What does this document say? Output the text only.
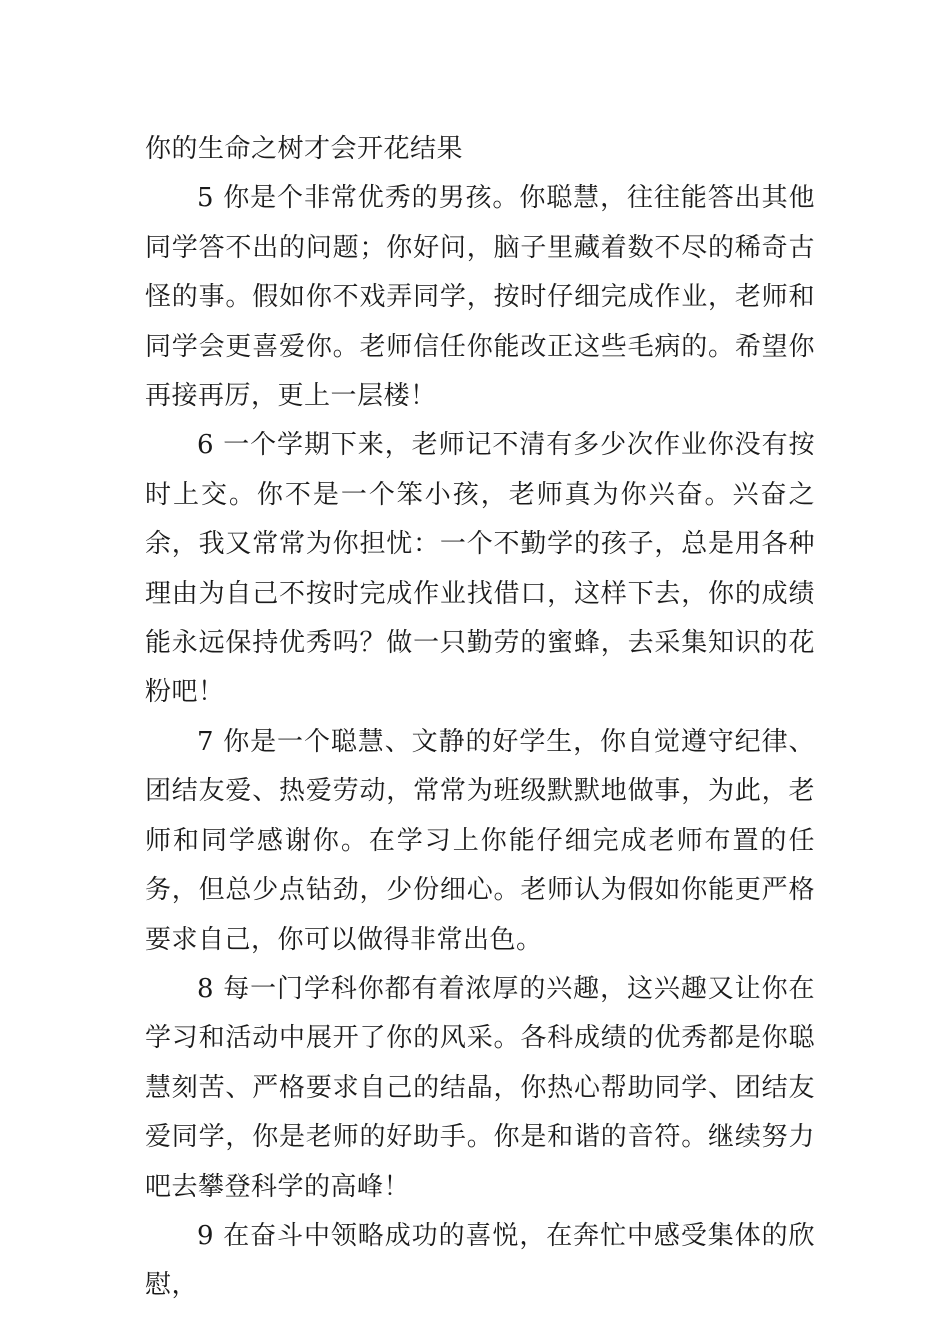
你的生命之树才会开花结果

5 你是个非常优秀的男孩。你聪慧，往往能答出其他同学答不出的问题；你好问，脑子里藏着数不尽的稀奇古怪的事。假如你不戏弄同学，按时仔细完成作业，老师和同学会更喜爱你。老师信任你能改正这些毛病的。希望你再接再厉，更上一层楼！

6 一个学期下来，老师记不清有多少次作业你没有按时上交。你不是一个笨小孩，老师真为你兴奋。兴奋之余，我又常常为你担忧：一个不勤学的孩子，总是用各种理由为自己不按时完成作业找借口，这样下去，你的成绩能永远保持优秀吗？做一只勤劳的蜜蜂，去采集知识的花粉吧！

7 你是一个聪慧、文静的好学生，你自觉遵守纪律、团结友爱、热爱劳动，常常为班级默默地做事，为此，老师和同学感谢你。在学习上你能仔细完成老师布置的任务，但总少点钻劲，少份细心。老师认为假如你能更严格要求自己，你可以做得非常出色。

8 每一门学科你都有着浓厚的兴趣，这兴趣又让你在学习和活动中展开了你的风采。各科成绩的优秀都是你聪慧刻苦、严格要求自己的结晶，你热心帮助同学、团结友爱同学，你是老师的好助手。你是和谐的音符。继续努力吧去攀登科学的高峰！

9 在奋斗中领略成功的喜悦，在奔忙中感受集体的欣慰，
